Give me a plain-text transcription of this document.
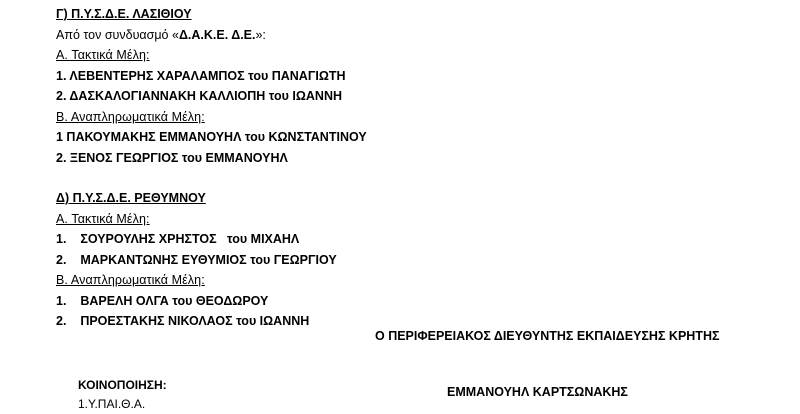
Γ) Π.Υ.Σ.Δ.Ε. ΛΑΣΙΘΙΟΥ
Από τον συνδυασμό «Δ.Α.Κ.Ε. Δ.Ε.»:
Α. Τακτικά Μέλη:
1. ΛΕΒΕΝΤΕΡΗΣ ΧΑΡΑΛΑΜΠΟΣ του ΠΑΝΑΓΙΩΤΗ
2. ΔΑΣΚΑΛΟΓΙΑΝΝΑΚΗ ΚΑΛΛΙΟΠΗ του ΙΩΑΝΝΗ
Β. Αναπληρωματικά Μέλη:
1 ΠΑΚΟΥΜΑΚΗΣ ΕΜΜΑΝΟΥΗΛ του ΚΩΝΣΤΑΝΤΙΝΟΥ
2. ΞΕΝΟΣ ΓΕΩΡΓΙΟΣ του ΕΜΜΑΝΟΥΗΛ
Δ) Π.Υ.Σ.Δ.Ε. ΡΕΘΥΜΝΟΥ
Α. Τακτικά Μέλη:
1.    ΣΟΥΡΟΥΛΗΣ ΧΡΗΣΤΟΣ   του ΜΙΧΑΗΛ
2.    ΜΑΡΚΑΝΤΩΝΗΣ ΕΥΘΥΜΙΟΣ του ΓΕΩΡΓΙΟΥ
Β. Αναπληρωματικά Μέλη:
1.    ΒΑΡΕΛΗ ΟΛΓΑ του ΘΕΟΔΩΡΟΥ
2.    ΠΡΟΕΣΤΑΚΗΣ ΝΙΚΟΛΑΟΣ του ΙΩΑΝΝΗ
Ο ΠΕΡΙΦΕΡΕΙΑΚΟΣ ΔΙΕΥΘΥΝΤΗΣ ΕΚΠΑΙΔΕΥΣΗΣ ΚΡΗΤΗΣ
ΕΜΜΑΝΟΥΗΛ ΚΑΡΤΣΩΝΑΚΗΣ
ΚΟΙΝΟΠΟΙΗΣΗ:
1.Υ.ΠΑΙ.Θ.Α.
